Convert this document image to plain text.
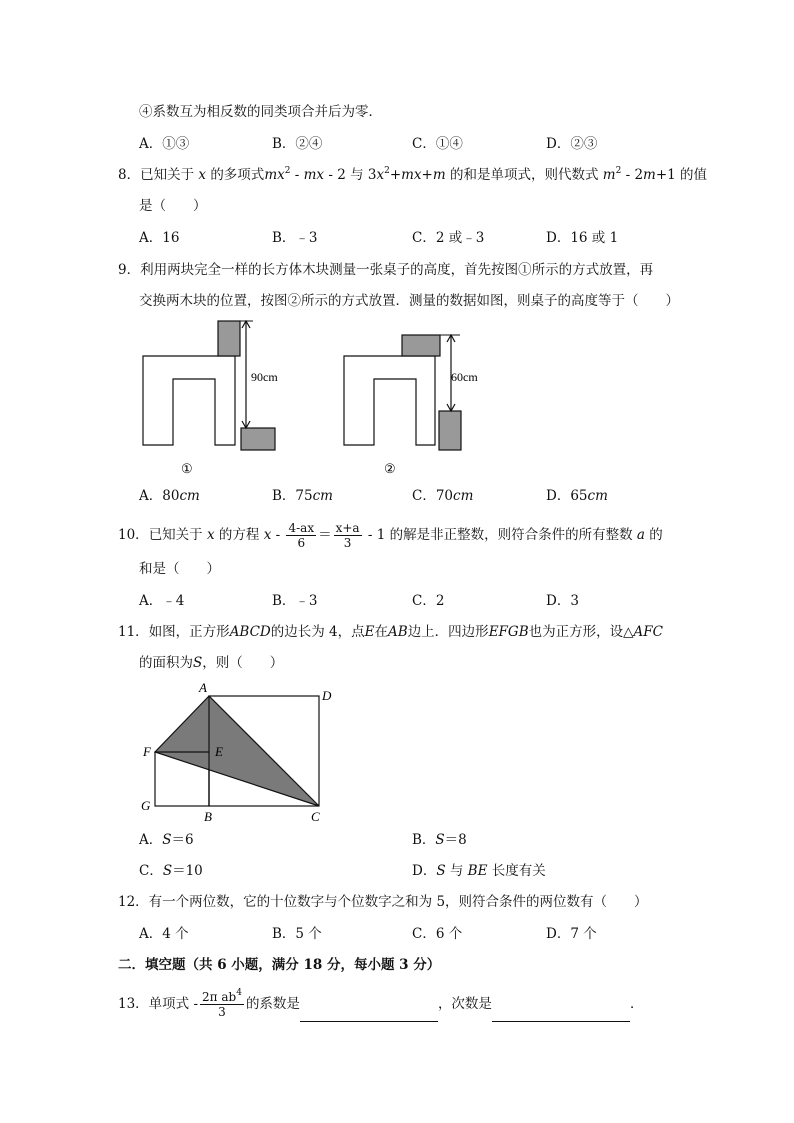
④系数互为相反数的同类项合并后为零．
A．①③	B．②④	C．①④	D．②③
8．已知关于 x 的多项式$mx^2$ - mx - 2 与 $3x^2+mx+m$ 的和是单项式，则代数式 $m^2 - 2m+1$ 的值
是（　　）
A．16	B．﹣3	C．2 或﹣3	D．16 或 1
9．利用两块完全一样的长方体木块测量一张桌子的高度，首先按图①所示的方式放置，再
交换两木块的位置，按图②所示的方式放置．测量的数据如图，则桌子的高度等于（　　）
90cm
①
60cm
②
A．80cm	B．75cm	C．70cm	D．65cm
10．已知关于 x 的方程 $x - \frac{4-ax}{6} = \frac{x+a}{3} - 1$ 的解是非正整数，则符合条件的所有整数 a 的
和是（　　）
A．﹣4	B．﹣3	C．2	D．3
11．如图，正方形ABCD的边长为 4，点E在AB边上．四边形EFGB也为正方形，设△AFC
的面积为S，则（　　）
A
D
F	E
G
B	C
A．S＝6	B．S＝8
C．S＝10	D．S 与 BE 长度有关
12．有一个两位数，它的十位数字与个位数字之和为 5，则符合条件的两位数有（　　）
A．4 个	B．5 个	C．6 个	D．7 个
二．填空题（共 6 小题，满分 18 分，每小题 3 分）
13．单项式 - $\frac{2\pi ab^4}{3}$ 的系数是	，次数是	．
